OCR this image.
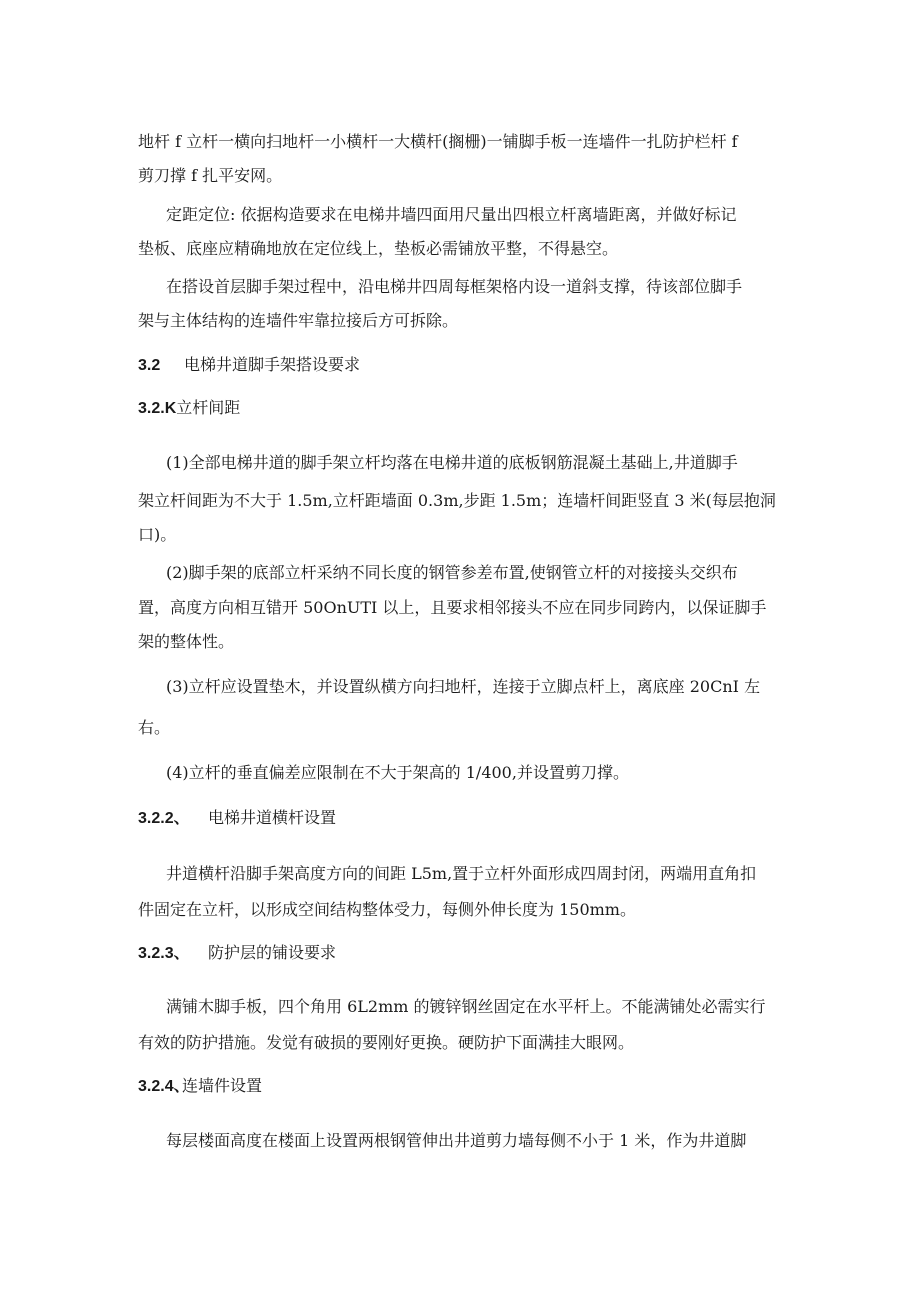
地杆 f 立杆一横向扫地杆一小横杆一大横杆(搁栅)一铺脚手板一连墙件一扎防护栏杆 f
剪刀撑 f 扎平安网。
定距定位: 依据构造要求在电梯井墙四面用尺量出四根立杆离墙距离，并做好标记
垫板、底座应精确地放在定位线上，垫板必需铺放平整，不得悬空。
在搭设首层脚手架过程中，沿电梯井四周每框架格内设一道斜支撑，待该部位脚手
架与主体结构的连墙件牢靠拉接后方可拆除。
3.2 电梯井道脚手架搭设要求
3.2.K立杆间距
(1)全部电梯井道的脚手架立杆均落在电梯井道的底板钢筋混凝土基础上,井道脚手
架立杆间距为不大于 1.5m,立杆距墙面 0.3m,步距 1.5m；连墙杆间距竖直 3 米(每层抱洞
口)。
(2)脚手架的底部立杆采纳不同长度的钢管参差布置,使钢管立杆的对接接头交织布
置，高度方向相互错开 50OnUTI 以上，且要求相邻接头不应在同步同跨内，以保证脚手
架的整体性。
(3)立杆应设置垫木，并设置纵横方向扫地杆，连接于立脚点杆上，离底座 20CnI 左
右。
(4)立杆的垂直偏差应限制在不大于架高的 1/400,并设置剪刀撑。
3.2.2、 电梯井道横杆设置
井道横杆沿脚手架高度方向的间距 L5m,置于立杆外面形成四周封闭，两端用直角扣
件固定在立杆，以形成空间结构整体受力，每侧外伸长度为 150mm。
3.2.3、 防护层的铺设要求
满铺木脚手板，四个角用 6L2mm 的镀锌钢丝固定在水平杆上。不能满铺处必需实行
有效的防护措施。发觉有破损的要刚好更换。硬防护下面满挂大眼网。
3.2.4、连墙件设置
每层楼面高度在楼面上设置两根钢管伸出井道剪力墙每侧不小于 1 米，作为井道脚
